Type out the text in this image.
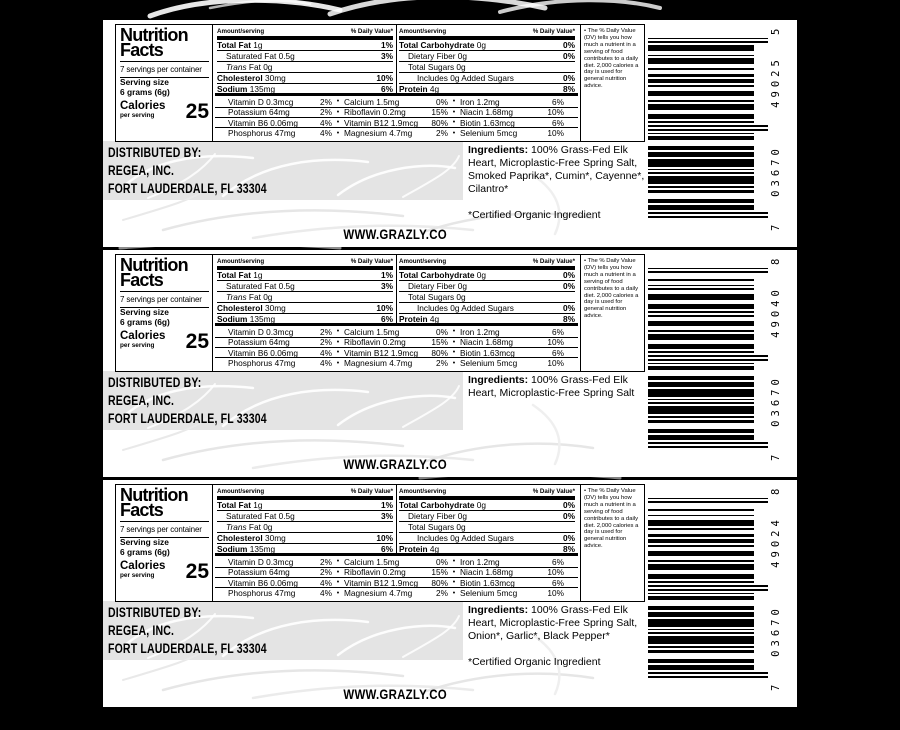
Nutrition
Facts
7 servings per container
Serving size
6 grams (6g)
Calories
per serving	25
Amount/serving	% Daily Value*
Total Fat 1g	1%
Saturated Fat 0.5g	3%
Trans Fat 0g
Cholesterol 30mg	10%
Sodium 135mg	6%
Amount/serving	% Daily Value*
Total Carbohydrate 0g	0%
Dietary Fiber 0g	0%
Total Sugars 0g
Includes 0g Added Sugars	0%
Protein 4g	8%
Vitamin D 0.3mcg	2% • Calcium 1.5mg	0% • Iron 1.2mg	6%
Potassium 64mg	2% • Riboflavin 0.2mg	15% • Niacin 1.68mg	10%
Vitamin B6 0.06mg	4% • Vitamin B12 1.9mcg 80% • Biotin 1.63mcg	6%
Phosphorus 47mg	4% • Magnesium 4.7mg	2% • Selenium 5mcg	10%
• The % Daily Value (DV) tells you how much a nutrient in a serving of food contributes to a daily diet. 2,000 calories a day is used for general nutrition advice.
DISTRIBUTED BY:
REGEA, INC.
FORT LAUDERDALE, FL 33304
Ingredients: 100% Grass-Fed Elk Heart, Microplastic-Free Spring Salt, Smoked Paprika*, Cumin*, Cayenne*, Cilantro*
*Certified Organic Ingredient
WWW.GRAZLY.CO	7
03670
49025
5
Nutrition
Facts
7 servings per container
Serving size
6 grams (6g)
Calories
per serving	25
Amount/serving	% Daily Value*
Total Fat 1g	1%
Saturated Fat 0.5g	3%
Trans Fat 0g
Cholesterol 30mg	10%
Sodium 135mg	6%
Amount/serving	% Daily Value*
Total Carbohydrate 0g	0%
Dietary Fiber 0g	0%
Total Sugars 0g
Includes 0g Added Sugars	0%
Protein 4g	8%
Vitamin D 0.3mcg	2% • Calcium 1.5mg	0% • Iron 1.2mg	6%
Potassium 64mg	2% • Riboflavin 0.2mg	15% • Niacin 1.68mg	10%
Vitamin B6 0.06mg	4% • Vitamin B12 1.9mcg 80% • Biotin 1.63mcg	6%
Phosphorus 47mg	4% • Magnesium 4.7mg	2% • Selenium 5mcg	10%
• The % Daily Value (DV) tells you how much a nutrient in a serving of food contributes to a daily diet. 2,000 calories a day is used for general nutrition advice.
DISTRIBUTED BY:
REGEA, INC.
FORT LAUDERDALE, FL 33304
Ingredients: 100% Grass-Fed Elk Heart, Microplastic-Free Spring Salt
WWW.GRAZLY.CO	7
03670
49040
8
Nutrition
Facts
7 servings per container
Serving size
6 grams (6g)
Calories
per serving	25
Amount/serving	% Daily Value*
Total Fat 1g	1%
Saturated Fat 0.5g	3%
Trans Fat 0g
Cholesterol 30mg	10%
Sodium 135mg	6%
Amount/serving	% Daily Value*
Total Carbohydrate 0g	0%
Dietary Fiber 0g	0%
Total Sugars 0g
Includes 0g Added Sugars	0%
Protein 4g	8%
Vitamin D 0.3mcg	2% • Calcium 1.5mg	0% • Iron 1.2mg	6%
Potassium 64mg	2% • Riboflavin 0.2mg	15% • Niacin 1.68mg	10%
Vitamin B6 0.06mg	4% • Vitamin B12 1.9mcg 80% • Biotin 1.63mcg	6%
Phosphorus 47mg	4% • Magnesium 4.7mg	2% • Selenium 5mcg	10%
• The % Daily Value (DV) tells you how much a nutrient in a serving of food contributes to a daily diet. 2,000 calories a day is used for general nutrition advice.
DISTRIBUTED BY:
REGEA, INC.
FORT LAUDERDALE, FL 33304
Ingredients: 100% Grass-Fed Elk Heart, Microplastic-Free Spring Salt, Onion*, Garlic*, Black Pepper*
*Certified Organic Ingredient
WWW.GRAZLY.CO	7
03670
49024
8
